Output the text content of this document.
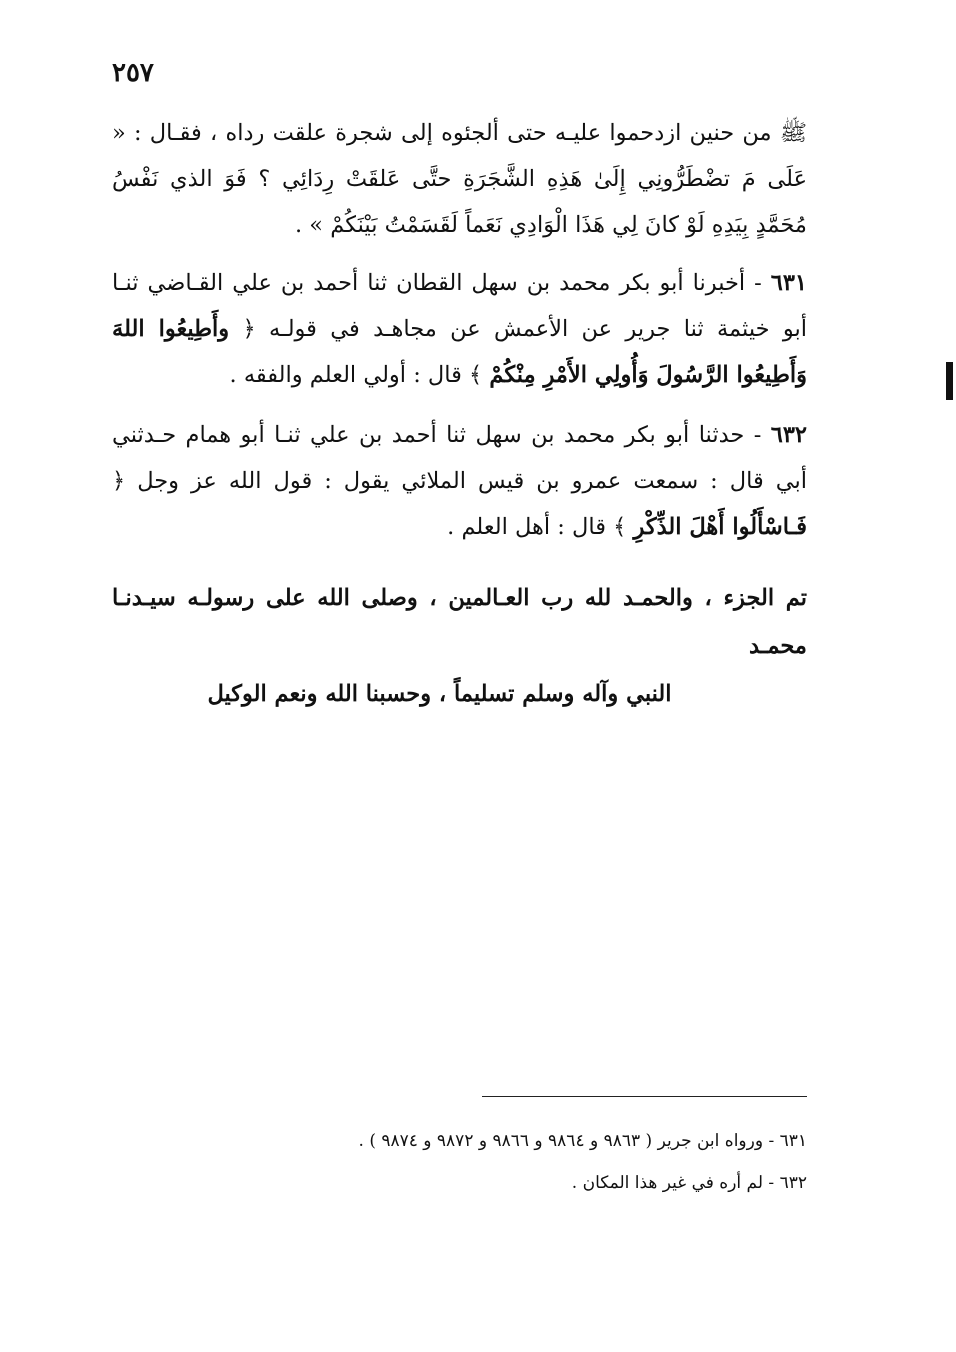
٢٥٧

ﷺ من حنين ازدحموا عليـه حتى ألجئوه إلى شجرة علقت رداه ، فقـال : « عَلَى مَ تضْطَرُّونِي إِلَىٰ هَذِهِ الشَّجَرَةِ حتَّى عَلقَتْ رِدَائِي ؟ فَوَ الذي نَفْسُ مُحَمَّدٍ بِيَدِهِ لَوْ كانَ لِي هَذَا الْوَادِي نَعَماً لَقَسَمْتُ بَيْنَكُمْ » .

٦٣١ - أخبرنا أبو بكر محمد بن سهل القطان ثنا أحمد بن علي القـاضي ثنـا أبو خيثمة ثنا جرير عن الأعمش عن مجاهـد في قولـه ﴿ وأَطِيعُوا اللهَ وَأَطِيعُوا الرَّسُولَ وَأُولِي الأَمْرِ مِنْكُمْ ﴾ قال : أولي العلم والفقه .

٦٣٢ - حدثنا أبو بكر محمد بن سهل ثنا أحمد بن علي ثنـا أبو همام حـدثني أبي قال : سمعت عمرو بن قيس الملائي يقول : قول الله عز وجل ﴿ فَـاسْأَلُوا أَهْلَ الذِّكْرِ ﴾ قال : أهل العلم .

تم الجزء ، والحمـد لله رب العـالمين ، وصلى الله على رسولـه سيـدنـا محمـد
النبي وآله وسلم تسليماً ، وحسبنا الله ونعم الوكيل

٦٣١ - ورواه ابن جرير ( ٩٨٦٣ و ٩٨٦٤ و ٩٨٦٦ و ٩٨٧٢ و ٩٨٧٤ ) .

٦٣٢ - لم أره في غير هذا المكان .
